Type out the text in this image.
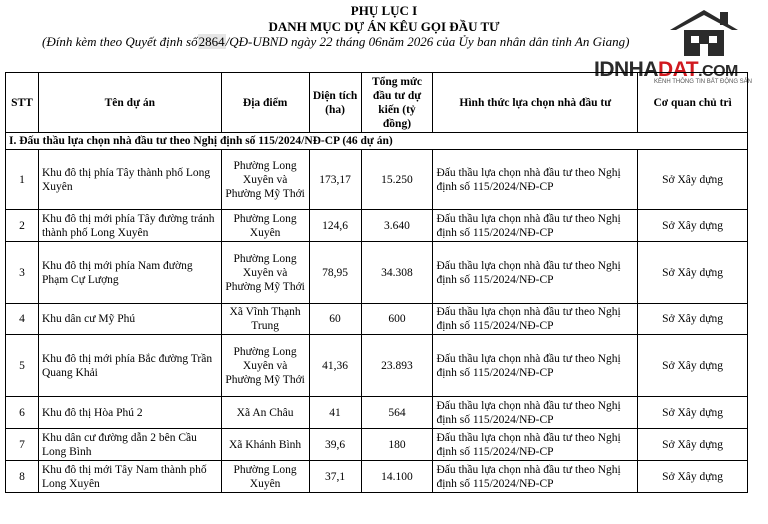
PHỤ LỤC I
DANH MỤC DỰ ÁN KÊU GỌI ĐẦU TƯ
(Đính kèm theo Quyết định số2864/QĐ-UBND ngày 22 tháng 06năm 2026 của Ủy ban nhân dân tỉnh An Giang)
IDNHADAT.COM
KÊNH THÔNG TIN BẤT ĐỘNG SẢN
STT	Tên dự án	Địa điểm	Diện tích (ha)	Tổng mức đầu tư dự kiến (tỷ đồng)	Hình thức lựa chọn nhà đầu tư	Cơ quan chủ trì
I. Đấu thầu lựa chọn nhà đầu tư theo Nghị định số 115/2024/NĐ-CP (46 dự án)						
1	Khu đô thị phía Tây thành phố Long Xuyên	Phường Long Xuyên và Phường Mỹ Thới	173,17	15.250	Đấu thầu lựa chọn nhà đầu tư theo Nghị định số 115/2024/NĐ-CP	Sở Xây dựng
2	Khu đô thị mới phía Tây đường tránh thành phố Long Xuyên	Phường Long Xuyên	124,6	3.640	Đấu thầu lựa chọn nhà đầu tư theo Nghị định số 115/2024/NĐ-CP	Sở Xây dựng
3	Khu đô thị mới phía Nam đường Phạm Cự Lượng	Phường Long Xuyên và Phường Mỹ Thới	78,95	34.308	Đấu thầu lựa chọn nhà đầu tư theo Nghị định số 115/2024/NĐ-CP	Sở Xây dựng
4	Khu dân cư Mỹ Phú	Xã Vĩnh Thạnh Trung	60	600	Đấu thầu lựa chọn nhà đầu tư theo Nghị định số 115/2024/NĐ-CP	Sở Xây dựng
5	Khu đô thị mới phía Bắc đường Trần Quang Khải	Phường Long Xuyên và Phường Mỹ Thới	41,36	23.893	Đấu thầu lựa chọn nhà đầu tư theo Nghị định số 115/2024/NĐ-CP	Sở Xây dựng
6	Khu đô thị Hòa Phú 2	Xã An Châu	41	564	Đấu thầu lựa chọn nhà đầu tư theo Nghị định số 115/2024/NĐ-CP	Sở Xây dựng
7	Khu dân cư đường dẫn 2 bên Cầu Long Bình	Xã Khánh Bình	39,6	180	Đấu thầu lựa chọn nhà đầu tư theo Nghị định số 115/2024/NĐ-CP	Sở Xây dựng
8	Khu đô thị mới Tây Nam thành phố Long Xuyên	Phường Long Xuyên	37,1	14.100	Đấu thầu lựa chọn nhà đầu tư theo Nghị định số 115/2024/NĐ-CP	Sở Xây dựng
